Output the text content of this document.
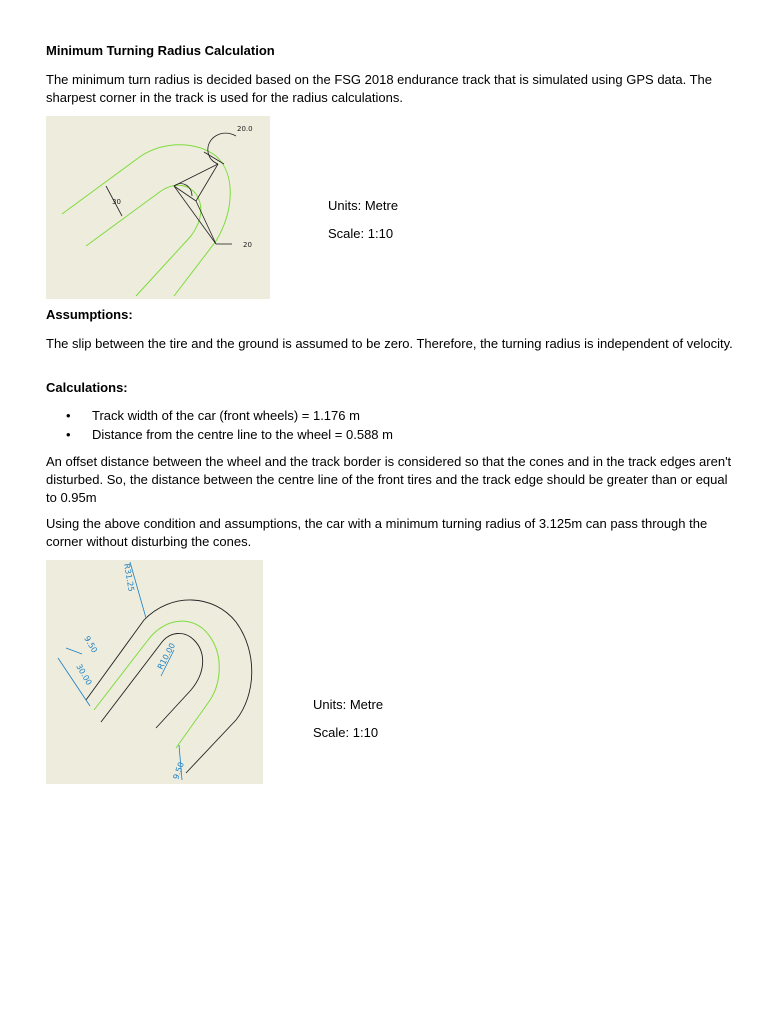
Minimum Turning Radius Calculation
The minimum turn radius is decided based on the FSG 2018 endurance track that is simulated using GPS data. The sharpest corner in the track is used for the radius calculations.
20.0
20
30	Units: Metre
Scale: 1:10
Assumptions:
The slip between the tire and the ground is assumed to be zero. Therefore, the turning radius is independent of velocity.
Calculations:
• Track width of the car (front wheels) = 1.176 m
• Distance from the centre line to the wheel = 0.588 m
An offset distance between the wheel and the track border is considered so that the cones and in the track edges aren't disturbed. So, the distance between the centre line of the front tires and the track edge should be greater than or equal to 0.95m
Using the above condition and assumptions, the car with a minimum turning radius of 3.125m can pass through the corner without disturbing the cones.
R31.25
9.50
30.00
R10.00
9.50
Units: Metre
Scale: 1:10
